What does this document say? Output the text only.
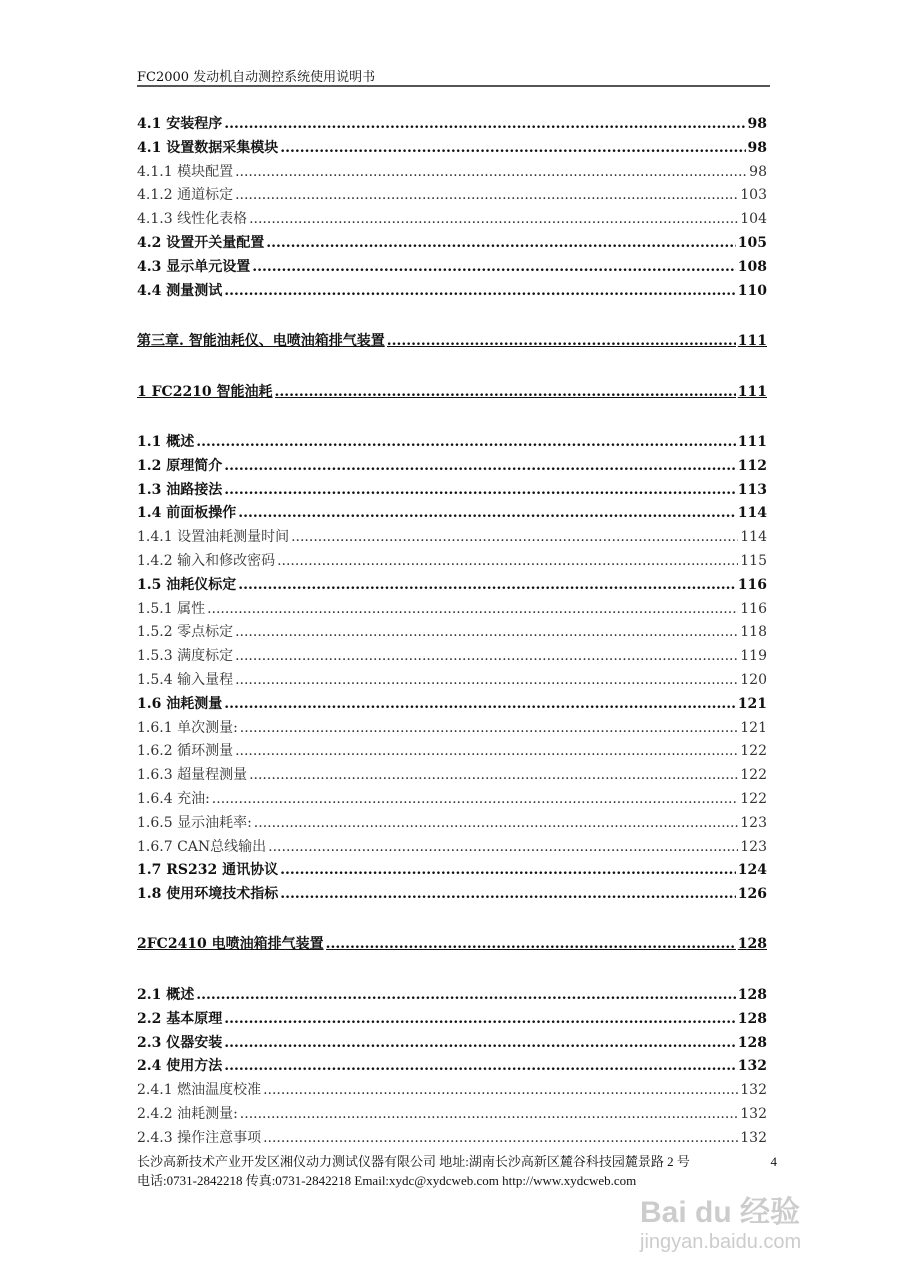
FC2000 发动机自动测控系统使用说明书
4.1 安装程序 .....	98
4.1 设置数据采集模块 .....	98
4.1.1 模块配置 .....	98
4.1.2 通道标定 .....	103
4.1.3 线性化表格 .....	104
4.2 设置开关量配置 .....	105
4.3 显示单元设置 .....	108
4.4 测量测试 .....	110
第三章. 智能油耗仪、电喷油箱排气装置 .....	111
1 FC2210 智能油耗 .....	111
1.1 概述 .....	111
1.2 原理简介 .....	112
1.3 油路接法 .....	113
1.4 前面板操作 .....	114
1.4.1 设置油耗测量时间 .....	114
1.4.2 输入和修改密码 .....	115
1.5 油耗仪标定 .....	116
1.5.1 属性 .....	116
1.5.2 零点标定 .....	118
1.5.3 满度标定 .....	119
1.5.4 输入量程 .....	120
1.6 油耗测量 .....	121
1.6.1 单次测量: .....	121
1.6.2 循环测量 .....	122
1.6.3 超量程测量 .....	122
1.6.4 充油: .....	122
1.6.5 显示油耗率: .....	123
1.6.7 CAN总线输出 .....	123
1.7 RS232 通讯协议 .....	124
1.8 使用环境技术指标 .....	126
2FC2410 电喷油箱排气装置 .....	128
2.1 概述 .....	128
2.2 基本原理 .....	128
2.3 仪器安装 .....	128
2.4 使用方法 .....	132
2.4.1 燃油温度校准 .....	132
2.4.2 油耗测量: .....	132
2.4.3 操作注意事项 .....	132
长沙高新技术产业开发区湘仪动力测试仪器有限公司 地址:湖南长沙高新区麓谷科技园麓景路 2 号	4
电话:0731-2842218 传真:0731-2842218 Email:xydc@xydcweb.com http://www.xydcweb.com
Bai du 经验
jingyan.baidu.com
